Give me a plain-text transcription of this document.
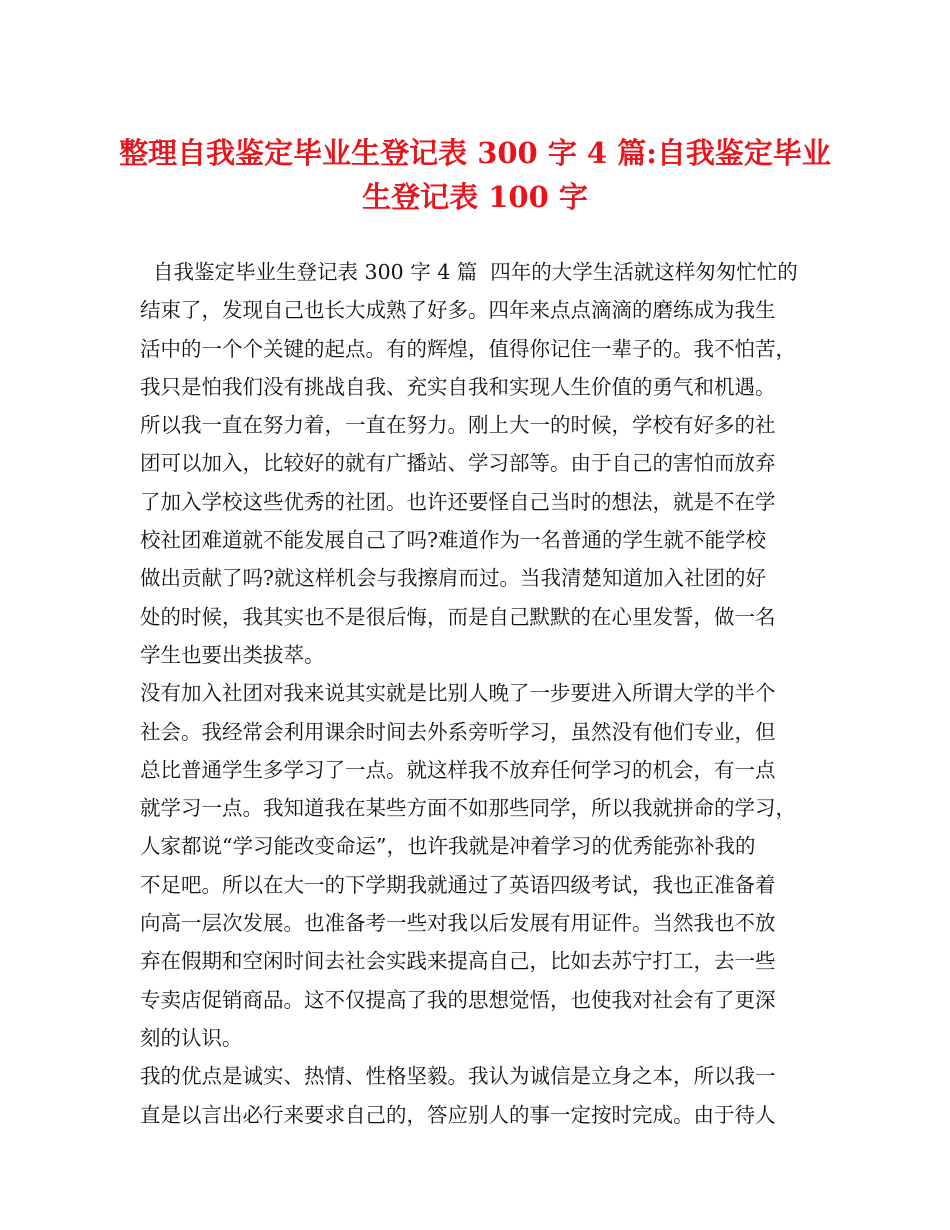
整理自我鉴定毕业生登记表 300 字 4 篇:自我鉴定毕业
生登记表 100 字
自我鉴定毕业生登记表 300 字 4 篇  四年的大学生活就这样匆匆忙忙的
结束了，发现自己也长大成熟了好多。四年来点点滴滴的磨练成为我生
活中的一个个关键的起点。有的辉煌，值得你记住一辈子的。我不怕苦，
我只是怕我们没有挑战自我、充实自我和实现人生价值的勇气和机遇。
所以我一直在努力着，一直在努力。刚上大一的时候，学校有好多的社
团可以加入，比较好的就有广播站、学习部等。由于自己的害怕而放弃
了加入学校这些优秀的社团。也许还要怪自己当时的想法，就是不在学
校社团难道就不能发展自己了吗?难道作为一名普通的学生就不能学校
做出贡献了吗?就这样机会与我擦肩而过。当我清楚知道加入社团的好
处的时候，我其实也不是很后悔，而是自己默默的在心里发誓，做一名
学生也要出类拔萃。
没有加入社团对我来说其实就是比别人晚了一步要进入所谓大学的半个
社会。我经常会利用课余时间去外系旁听学习，虽然没有他们专业，但
总比普通学生多学习了一点。就这样我不放弃任何学习的机会，有一点
就学习一点。我知道我在某些方面不如那些同学，所以我就拼命的学习，
人家都说“学习能改变命运”，也许我就是冲着学习的优秀能弥补我的
不足吧。所以在大一的下学期我就通过了英语四级考试，我也正准备着
向高一层次发展。也准备考一些对我以后发展有用证件。当然我也不放
弃在假期和空闲时间去社会实践来提高自己，比如去苏宁打工，去一些
专卖店促销商品。这不仅提高了我的思想觉悟，也使我对社会有了更深
刻的认识。
我的优点是诚实、热情、性格坚毅。我认为诚信是立身之本，所以我一
直是以言出必行来要求自己的，答应别人的事一定按时完成。由于待人
